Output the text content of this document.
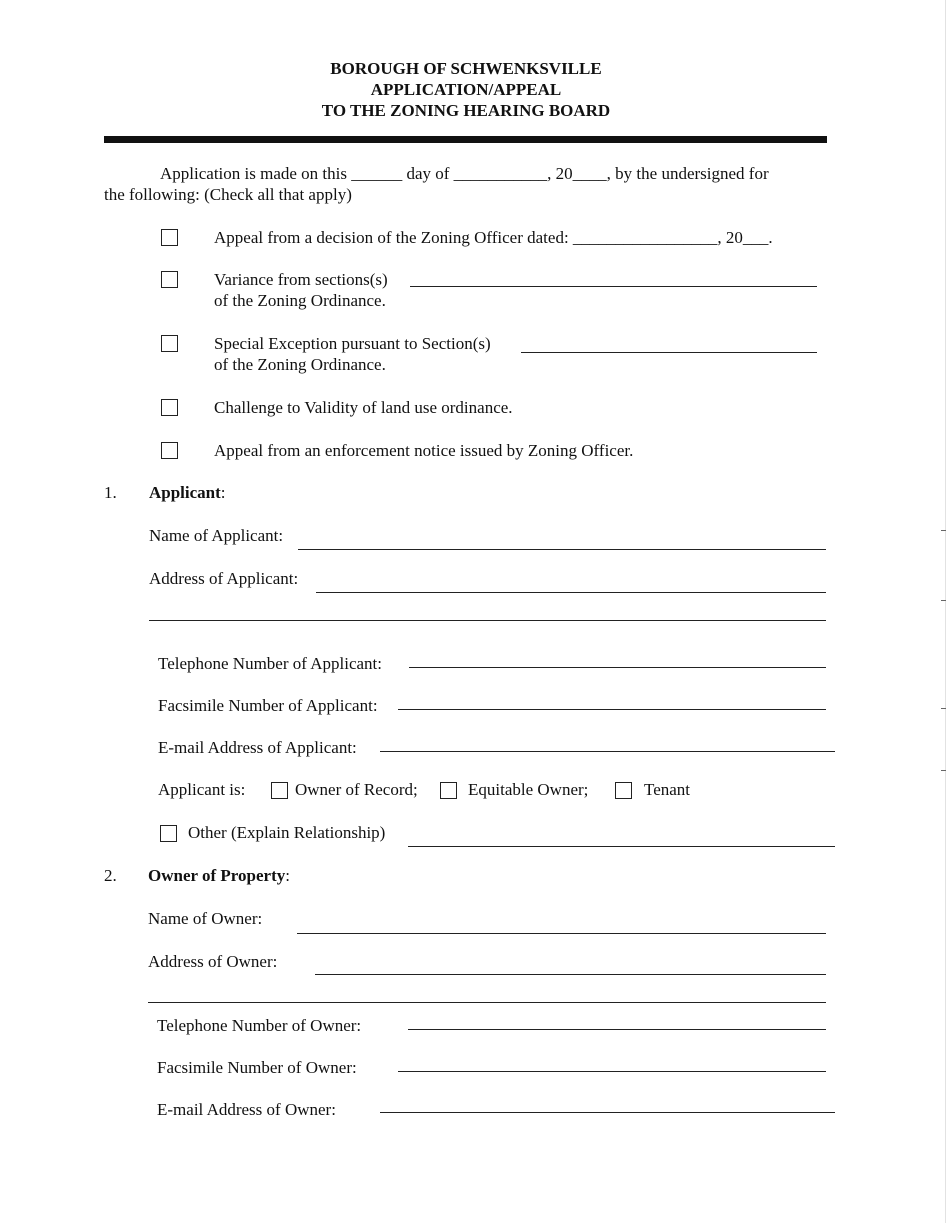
BOROUGH OF SCHWENKSVILLE
APPLICATION/APPEAL
TO THE ZONING HEARING BOARD
Application is made on this ______ day of ___________, 20____, by the undersigned for
the following: (Check all that apply)
Appeal from a decision of the Zoning Officer dated: _________________, 20___.
Variance from sections(s)
of the Zoning Ordinance.
Special Exception pursuant to Section(s)
of the Zoning Ordinance.
Challenge to Validity of land use ordinance.
Appeal from an enforcement notice issued by Zoning Officer.
1. Applicant:
Name of Applicant:
Address of Applicant:
Telephone Number of Applicant:
Facsimile Number of Applicant:
E-mail Address of Applicant:
Applicant is:	Owner of Record;	Equitable Owner;	Tenant
Other (Explain Relationship)
2. Owner of Property:
Name of Owner:
Address of Owner:
Telephone Number of Owner:
Facsimile Number of Owner:
E-mail Address of Owner:
